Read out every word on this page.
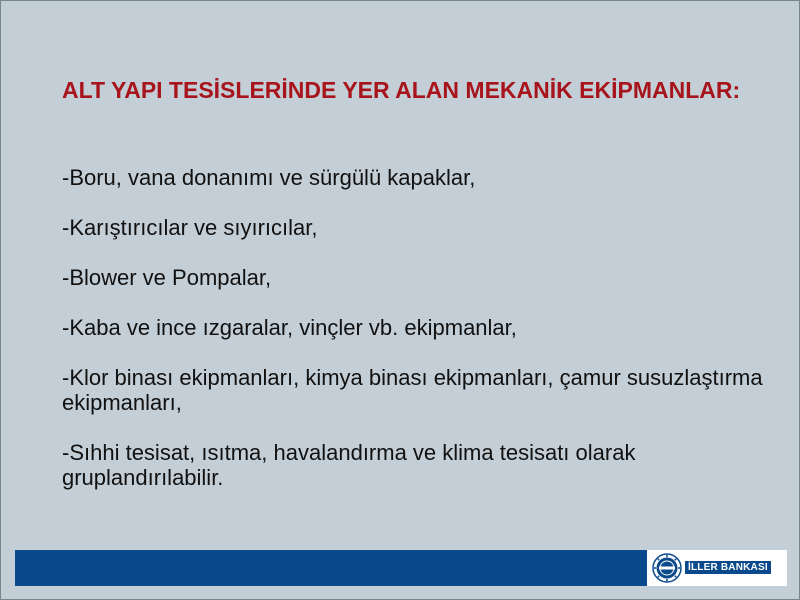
ALT YAPI TESİSLERİNDE YER ALAN MEKANİK EKİPMANLAR:

-Boru, vana donanımı ve sürgülü kapaklar,

-Karıştırıcılar ve sıyırıcılar,

-Blower ve Pompalar,

-Kaba ve ince ızgaralar, vinçler vb. ekipmanlar,

-Klor binası ekipmanları, kimya binası ekipmanları, çamur susuzlaştırma ekipmanları,

-Sıhhi tesisat, ısıtma, havalandırma ve klima tesisatı olarak gruplandırılabilir.

İLLER BANKASI
